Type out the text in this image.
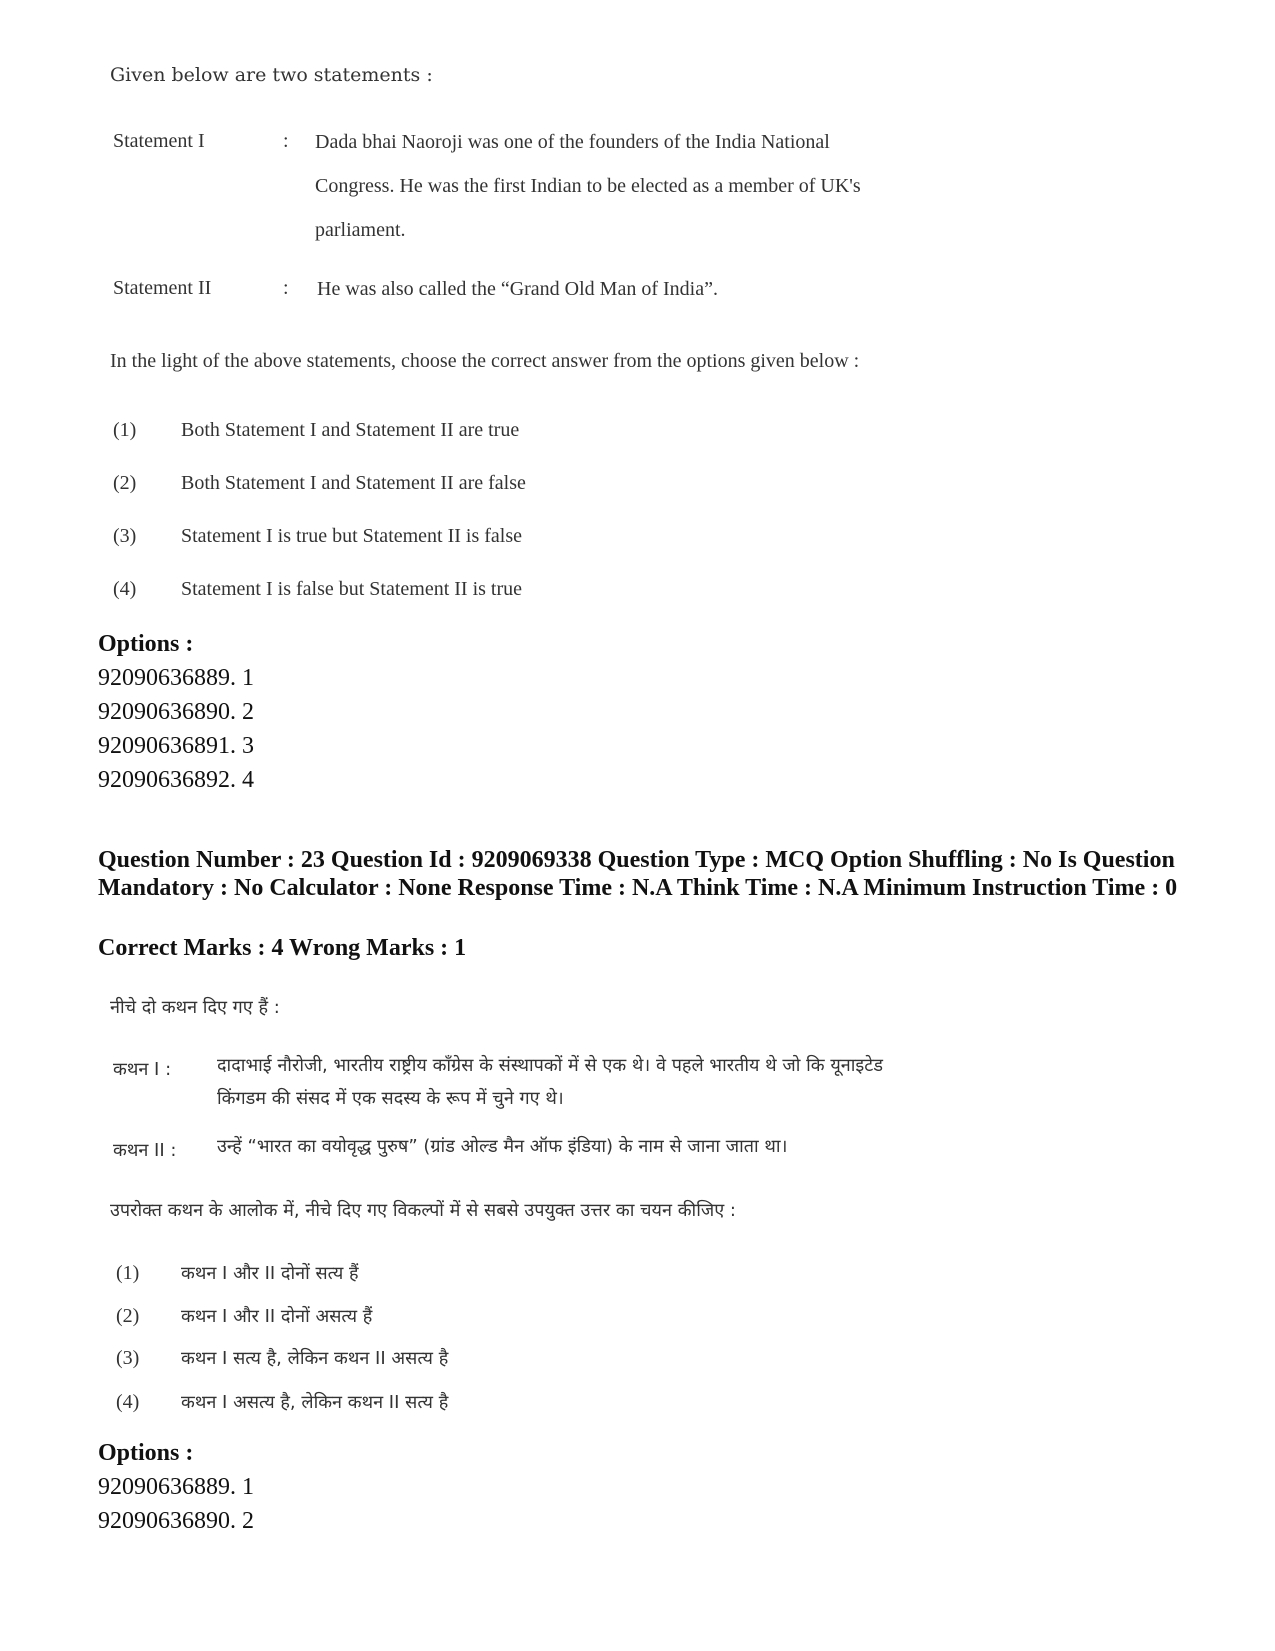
Given below are two statements :
Statement I	: Dada bhai Naoroji was one of the founders of the India National
Congress. He was the first Indian to be elected as a member of UK's
parliament.
Statement II	: He was also called the “Grand Old Man of India”.
In the light of the above statements, choose the correct answer from the options given below :
(1) Both Statement I and Statement II are true
(2) Both Statement I and Statement II are false
(3) Statement I is true but Statement II is false
(4) Statement I is false but Statement II is true
Options :
92090636889. 1
92090636890. 2
92090636891. 3
92090636892. 4
Question Number : 23 Question Id : 9209069338 Question Type : MCQ Option Shuffling : No Is Question Mandatory : No Calculator : None Response Time : N.A Think Time : N.A Minimum Instruction Time : 0
Correct Marks : 4 Wrong Marks : 1
नीचे दो कथन दिए गए हैं :
कथन I :	दादाभाई नौरोजी, भारतीय राष्ट्रीय कॉंग्रेस के संस्थापकों में से एक थे। वे पहले भारतीय थे जो कि यूनाइटेड
किंगडम की संसद में एक सदस्य के रूप में चुने गए थे।
कथन II : उन्हें “भारत का वयोवृद्ध पुरुष” (ग्रांड ओल्ड मैन ऑफ इंडिया) के नाम से जाना जाता था।
उपरोक्त कथन के आलोक में, नीचे दिए गए विकल्पों में से सबसे उपयुक्त उत्तर का चयन कीजिए :
(1) कथन I और II दोनों सत्य हैं
(2) कथन I और II दोनों असत्य हैं
(3) कथन I सत्य है, लेकिन कथन II असत्य है
(4) कथन I असत्य है, लेकिन कथन II सत्य है
Options :
92090636889. 1
92090636890. 2
